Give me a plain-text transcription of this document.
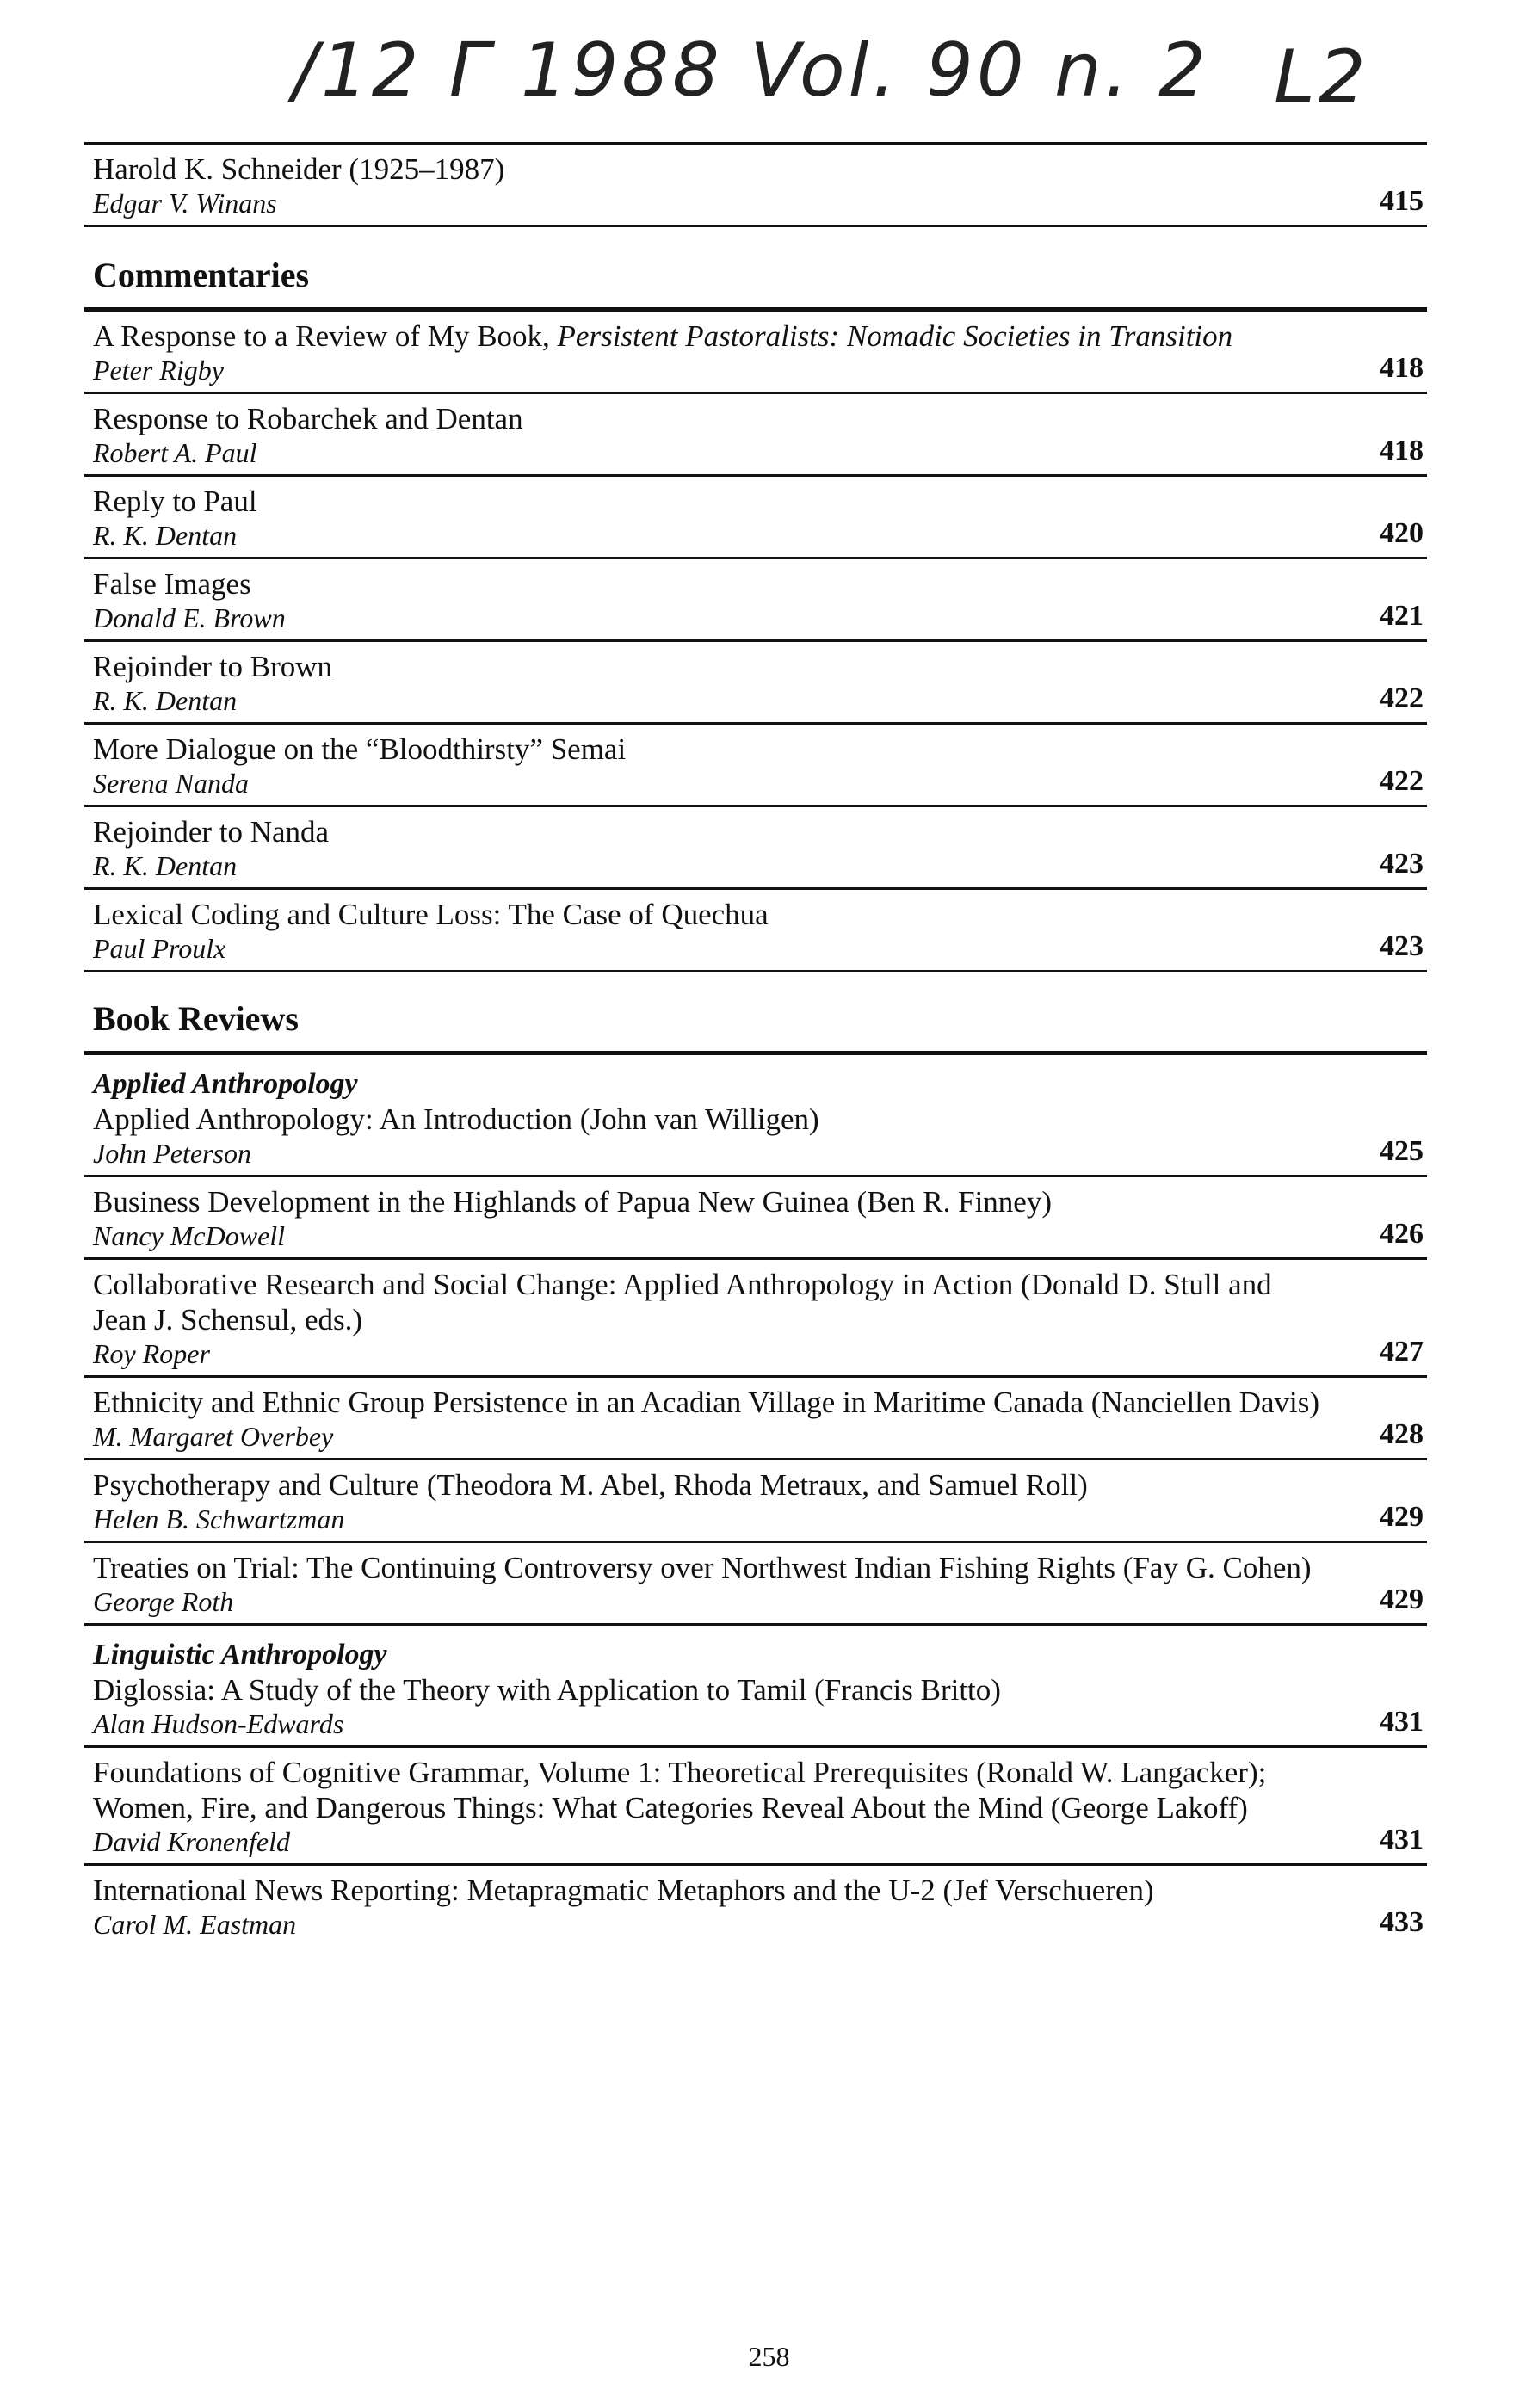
/12 Γ 1988 Vol. 90 n. 2 L2
Harold K. Schneider (1925–1987)
Edgar V. Winans	415
Commentaries
A Response to a Review of My Book, Persistent Pastoralists: Nomadic Societies in Transition
Peter Rigby	418
Response to Robarchek and Dentan
Robert A. Paul	418
Reply to Paul
R. K. Dentan	420
False Images
Donald E. Brown	421
Rejoinder to Brown
R. K. Dentan	422
More Dialogue on the “Bloodthirsty” Semai
Serena Nanda	422
Rejoinder to Nanda
R. K. Dentan	423
Lexical Coding and Culture Loss: The Case of Quechua
Paul Proulx	423
Book Reviews
Applied Anthropology
Applied Anthropology: An Introduction (John van Willigen)
John Peterson	425
Business Development in the Highlands of Papua New Guinea (Ben R. Finney)
Nancy McDowell	426
Collaborative Research and Social Change: Applied Anthropology in Action (Donald D. Stull and Jean J. Schensul, eds.)
Roy Roper	427
Ethnicity and Ethnic Group Persistence in an Acadian Village in Maritime Canada (Nanciellen Davis)
M. Margaret Overbey	428
Psychotherapy and Culture (Theodora M. Abel, Rhoda Metraux, and Samuel Roll)
Helen B. Schwartzman	429
Treaties on Trial: The Continuing Controversy over Northwest Indian Fishing Rights (Fay G. Cohen)
George Roth	429
Linguistic Anthropology
Diglossia: A Study of the Theory with Application to Tamil (Francis Britto)
Alan Hudson-Edwards	431
Foundations of Cognitive Grammar, Volume 1: Theoretical Prerequisites (Ronald W. Langacker); Women, Fire, and Dangerous Things: What Categories Reveal About the Mind (George Lakoff)
David Kronenfeld	431
International News Reporting: Metapragmatic Metaphors and the U-2 (Jef Verschueren)
Carol M. Eastman	433
258
